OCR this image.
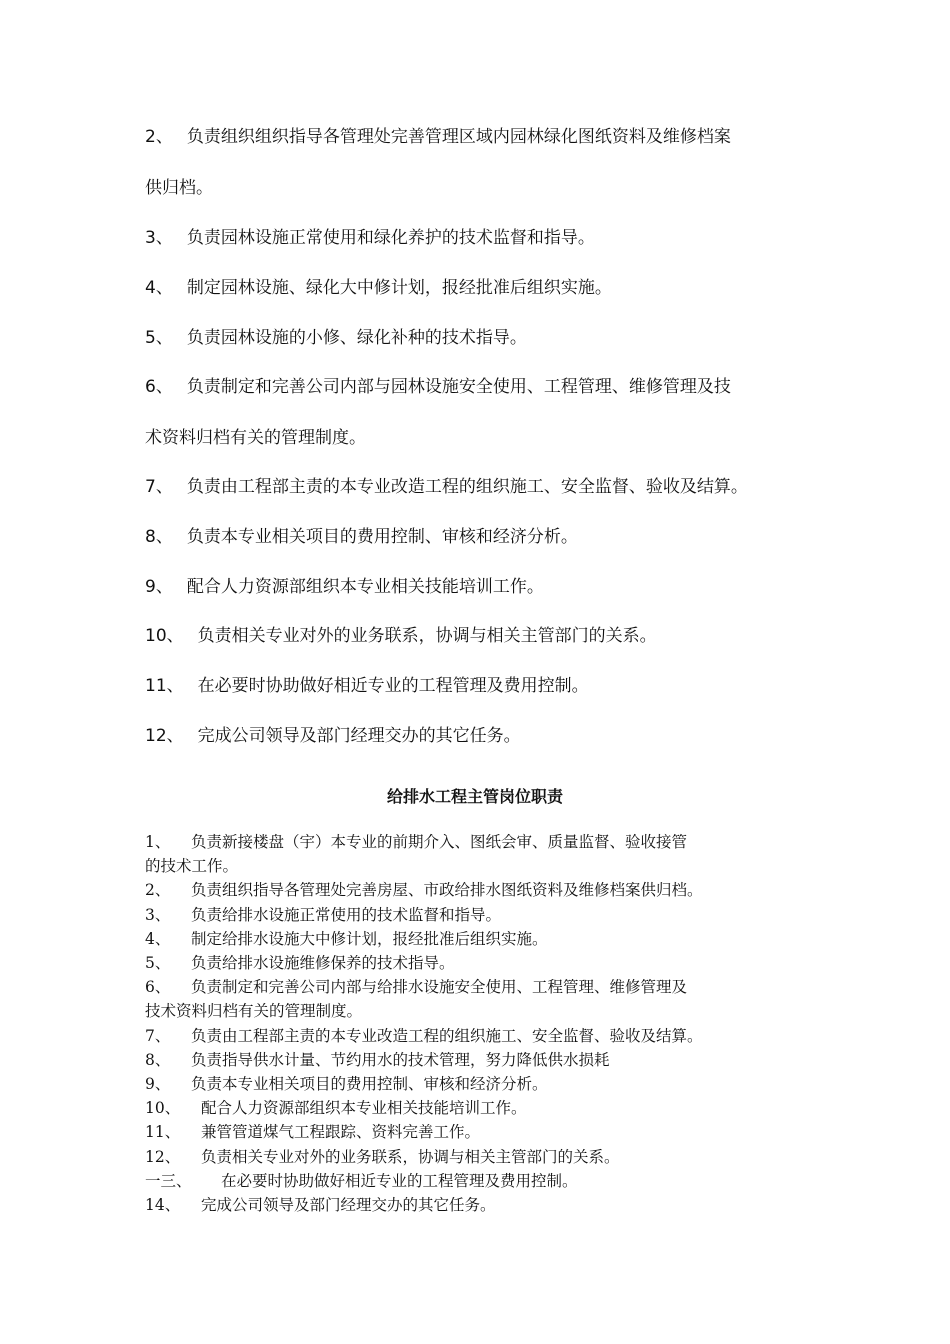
2、 负责组织组织指导各管理处完善管理区域内园林绿化图纸资料及维修档案
供归档。
3、 负责园林设施正常使用和绿化养护的技术监督和指导。
4、 制定园林设施、绿化大中修计划，报经批准后组织实施。
5、 负责园林设施的小修、绿化补种的技术指导。
6、 负责制定和完善公司内部与园林设施安全使用、工程管理、维修管理及技
术资料归档有关的管理制度。
7、 负责由工程部主责的本专业改造工程的组织施工、安全监督、验收及结算。
8、 负责本专业相关项目的费用控制、审核和经济分析。
9、 配合人力资源部组织本专业相关技能培训工作。
10、 负责相关专业对外的业务联系，协调与相关主管部门的关系。
11、 在必要时协助做好相近专业的工程管理及费用控制。
12、 完成公司领导及部门经理交办的其它任务。
给排水工程主管岗位职责
1、 负责新接楼盘（宇）本专业的前期介入、图纸会审、质量监督、验收接管
的技术工作。
2、 负责组织指导各管理处完善房屋、市政给排水图纸资料及维修档案供归档。
3、 负责给排水设施正常使用的技术监督和指导。
4、 制定给排水设施大中修计划，报经批准后组织实施。
5、 负责给排水设施维修保养的技术指导。
6、 负责制定和完善公司内部与给排水设施安全使用、工程管理、维修管理及
技术资料归档有关的管理制度。
7、 负责由工程部主责的本专业改造工程的组织施工、安全监督、验收及结算。
8、 负责指导供水计量、节约用水的技术管理，努力降低供水损耗
9、 负责本专业相关项目的费用控制、审核和经济分析。
10、 配合人力资源部组织本专业相关技能培训工作。
11、 兼管管道煤气工程跟踪、资料完善工作。
12、 负责相关专业对外的业务联系，协调与相关主管部门的关系。
一三、 在必要时协助做好相近专业的工程管理及费用控制。
14、 完成公司领导及部门经理交办的其它任务。
